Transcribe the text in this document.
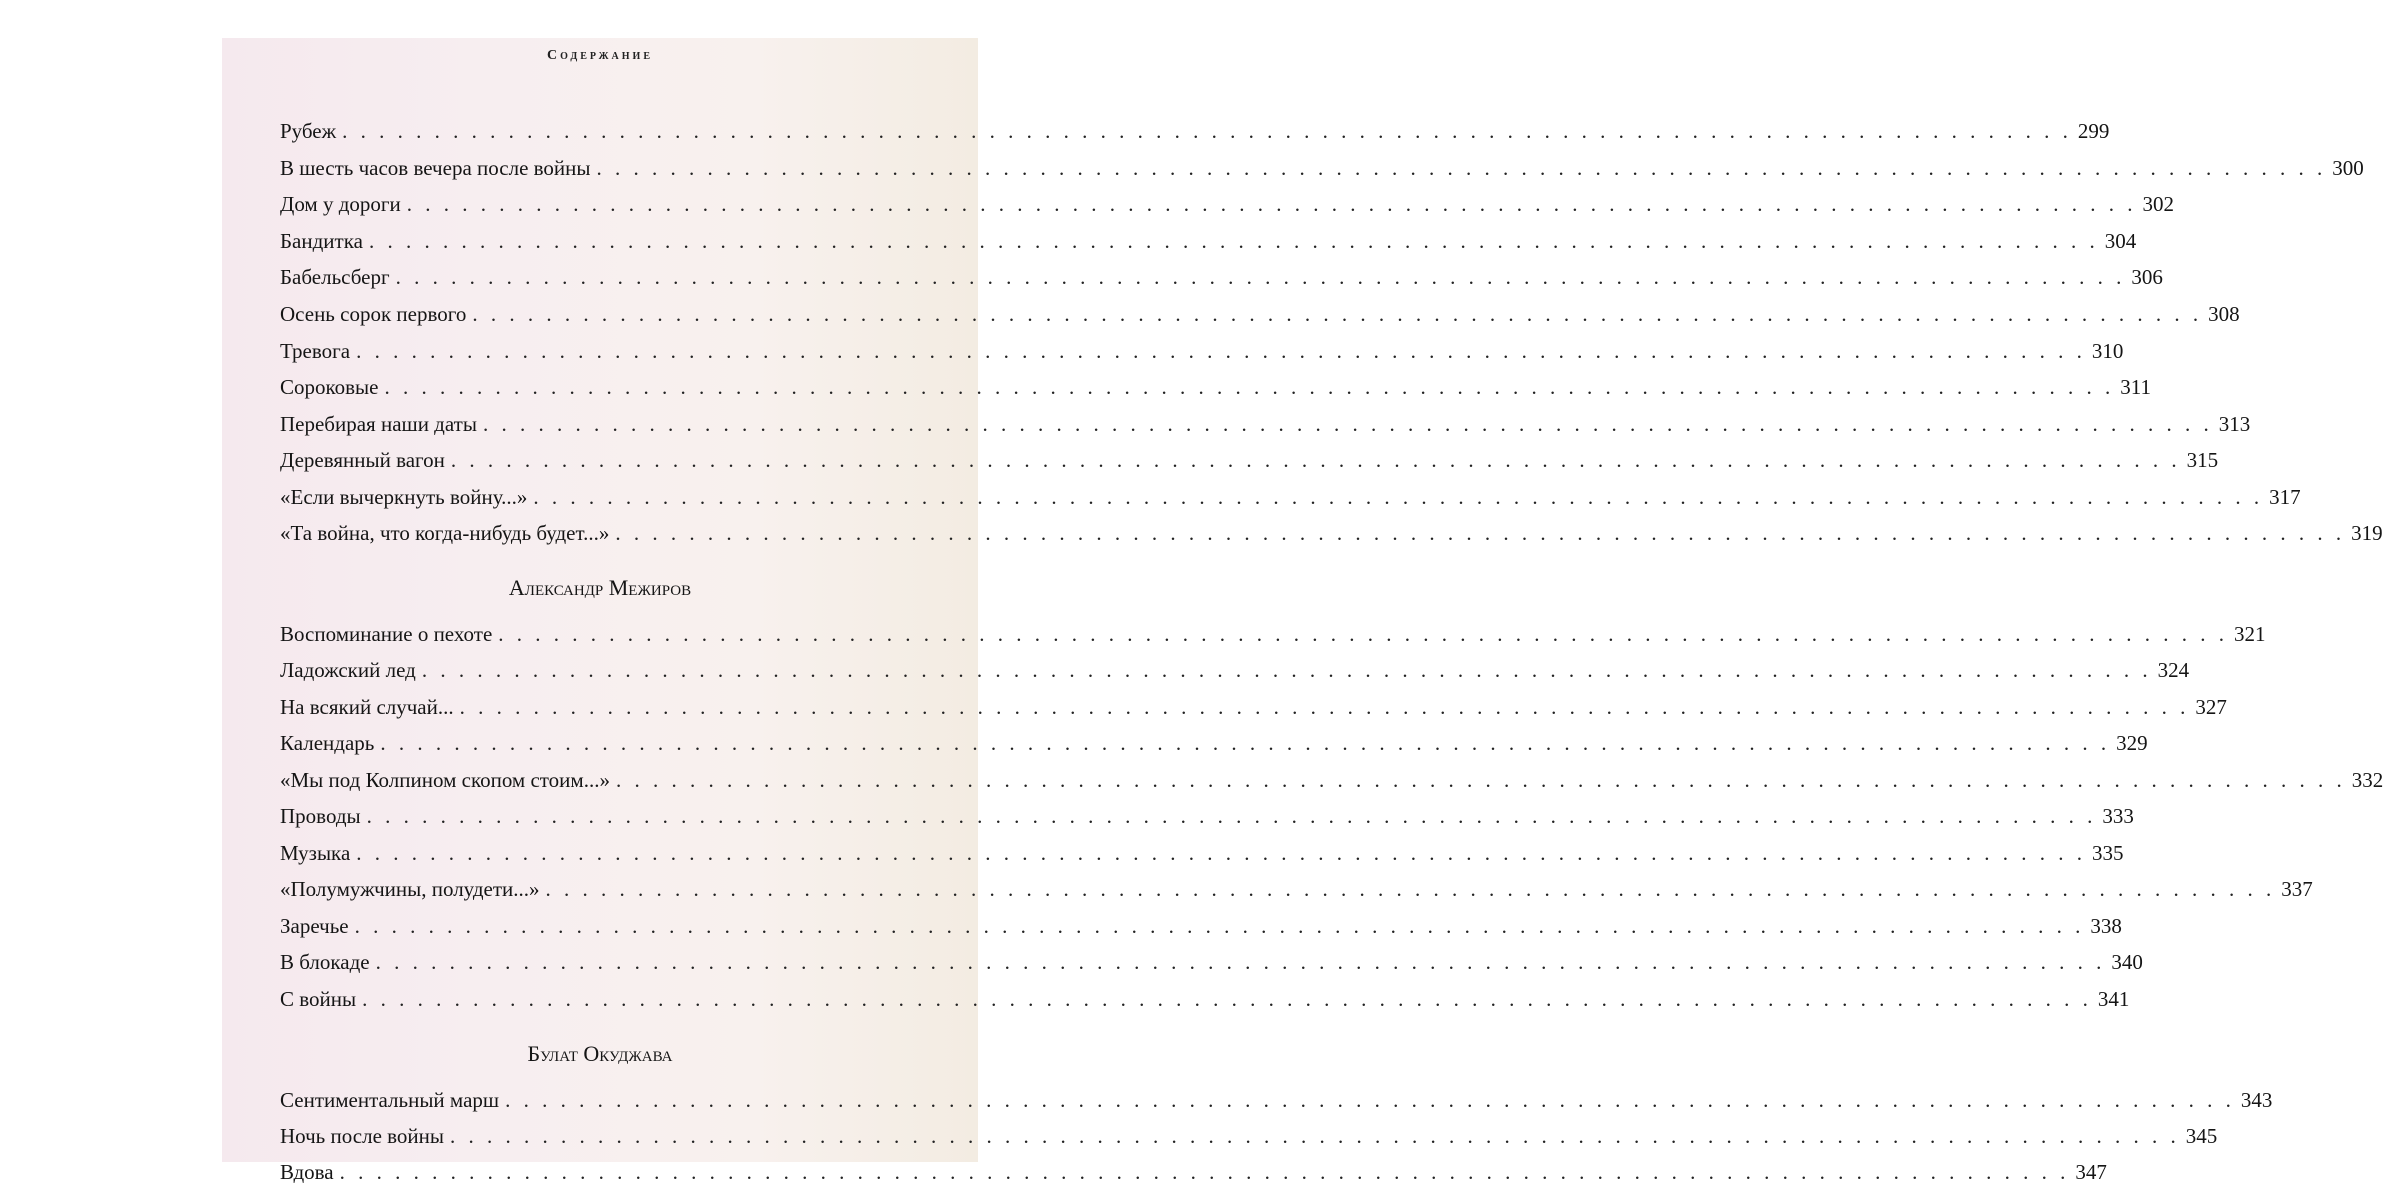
Содержание
Рубеж . . .	299
В шесть часов вечера после войны . . .	300
Дом у дороги . . .	302
Бандитка . . .	304
Бабельсберг . . .	306
Осень сорок первого . . .	308
Тревога . . .	310
Сороковые . . .	311
Перебирая наши даты . . .	313
Деревянный вагон . . .	315
«Если вычеркнуть войну...» . . .	317
«Та война, что когда-нибудь будет...» . . .	319
Александр Межиров
Воспоминание о пехоте . . .	321
Ладожский лед . . .	324
На всякий случай... . . .	327
Календарь . . .	329
«Мы под Колпином скопом стоим...» . . .	332
Проводы . . .	333
Музыка . . .	335
«Полумужчины, полудети...» . . .	337
Заречье . . .	338
В блокаде . . .	340
С войны . . .	341
Булат Окуджава
Сентиментальный марш . . .	343
Ночь после войны . . .	345
Вдова . . .	347
